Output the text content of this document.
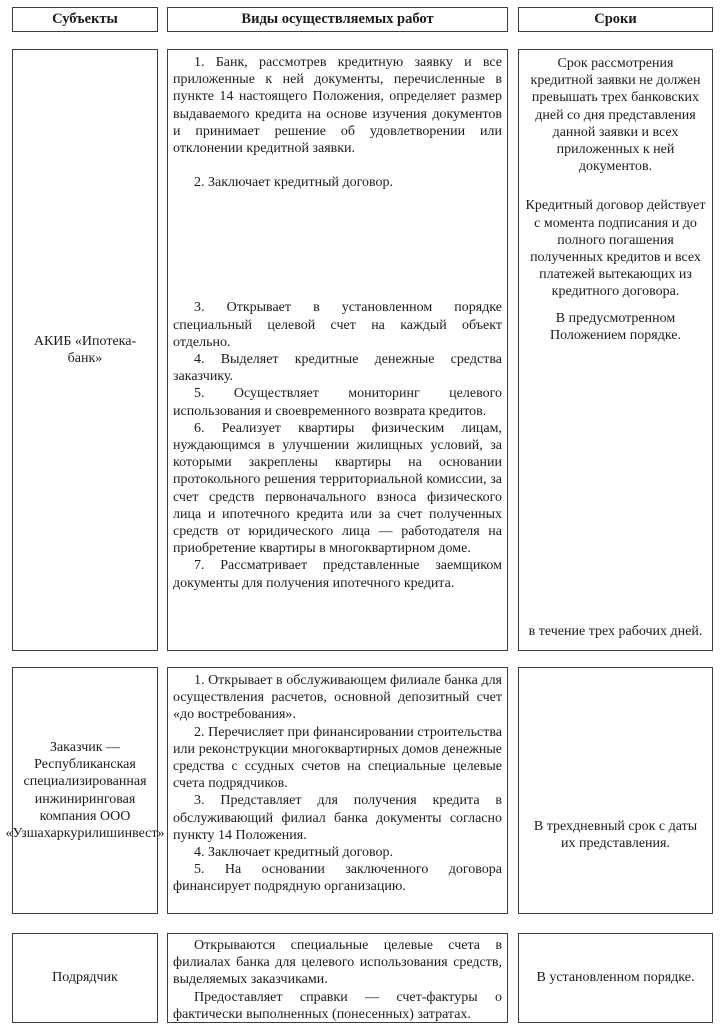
Субъекты	Виды осуществляемых работ	Сроки
АКИБ «Ипотека-банк»

1. Банк, рассмотрев кредитную заявку и все приложенные к ней документы, перечисленные в пункте 14 настоящего Положения, определяет размер выдаваемого кредита на основе изучения документов и принимает решение об удовлетворении или отклонении кредитной заявки.

2. Заключает кредитный договор.

3. Открывает в установленном порядке специальный целевой счет на каждый объект отдельно.

4. Выделяет кредитные денежные средства заказчику.

5. Осуществляет мониторинг целевого использования и своевременного возврата кредитов.

6. Реализует квартиры физическим лицам, нуждающимся в улучшении жилищных условий, за которыми закреплены квартиры на основании протокольного решения территориальной комиссии, за счет средств первоначального взноса физического лица и ипотечного кредита или за счет полученных средств от юридического лица — работодателя на приобретение квартиры в многоквартирном доме.

7. Рассматривает представленные заемщиком документы для получения ипотечного кредита.

Срок рассмотрения кредитной заявки не должен превышать трех банковских дней со дня представления данной заявки и всех приложенных к ней документов.

Кредитный договор действует с момента подписания и до полного погашения полученных кредитов и всех платежей вытекающих из кредитного договора.

В предусмотренном Положением порядке.

в течение трех рабочих дней.

Заказчик — Республиканская специализированная инжиниринговая компания ООО «Узшахаркурилишинвест»

1. Открывает в обслуживающем филиале банка для осуществления расчетов, основной депозитный счет «до востребования».

2. Перечисляет при финансировании строительства или реконструкции многоквартирных домов денежные средства с ссудных счетов на специальные целевые счета подрядчиков.

3. Представляет для получения кредита в обслуживающий филиал банка документы согласно пункту 14 Положения.

4. Заключает кредитный договор.

5. На основании заключенного договора финансирует подрядную организацию.

В трехдневный срок с даты их представления.

Подрядчик

Открываются специальные целевые счета в филиалах банка для целевого использования средств, выделяемых заказчиками.

Предоставляет справки — счет-фактуры о фактически выполненных (понесенных) затратах.

В установленном порядке.
